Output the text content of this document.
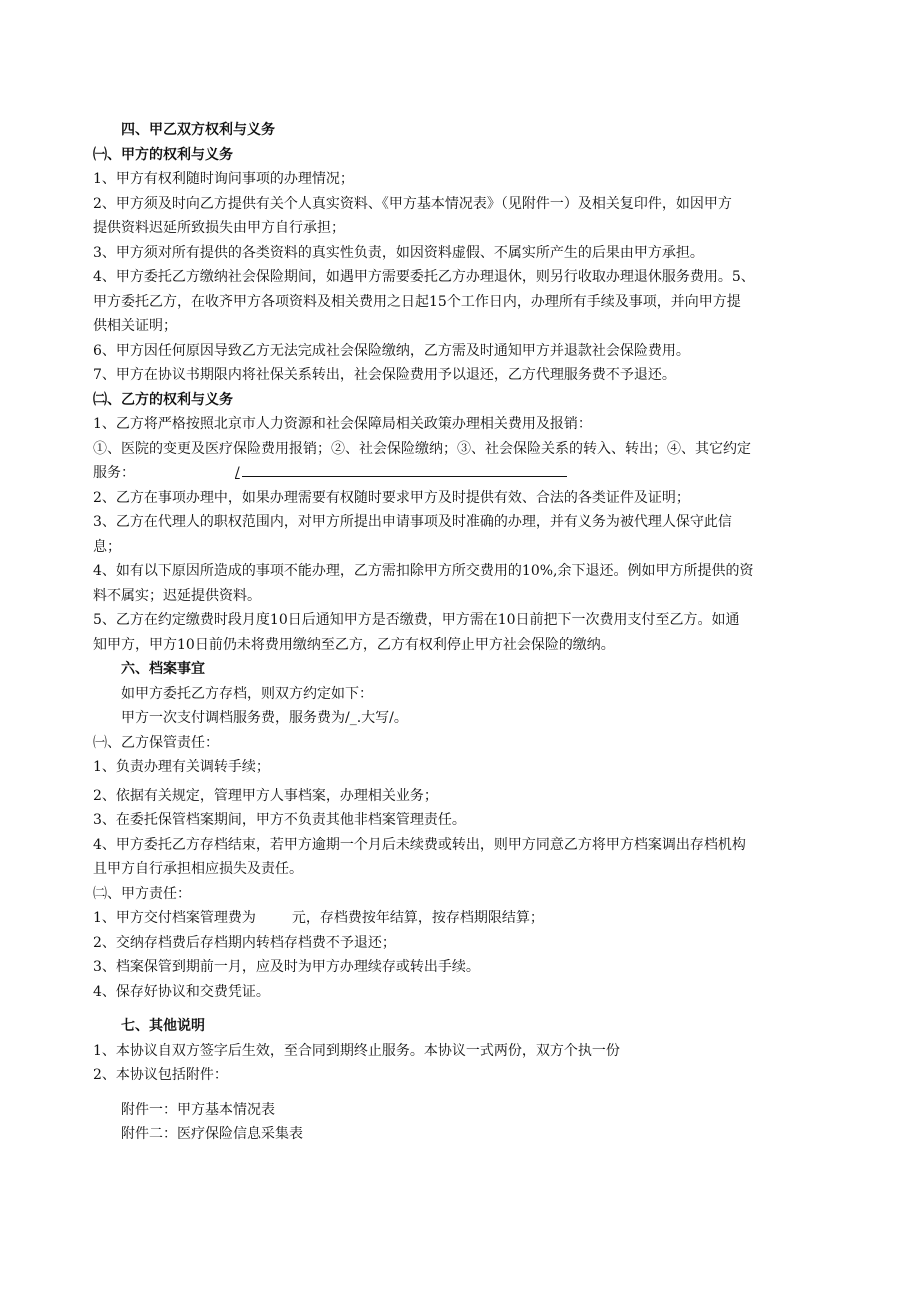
四、甲乙双方权利与义务
㈠、甲方的权利与义务
1、甲方有权利随时询问事项的办理情况；
2、甲方须及时向乙方提供有关个人真实资料、《甲方基本情况表》（见附件一）及相关复印件，如因甲方
提供资料迟延所致损失由甲方自行承担；
3、甲方须对所有提供的各类资料的真实性负责，如因资料虚假、不属实所产生的后果由甲方承担。
4、甲方委托乙方缴纳社会保险期间，如遇甲方需要委托乙方办理退休，则另行收取办理退休服务费用。5、
甲方委托乙方，在收齐甲方各项资料及相关费用之日起15个工作日内，办理所有手续及事项，并向甲方提
供相关证明；
6、甲方因任何原因导致乙方无法完成社会保险缴纳，乙方需及时通知甲方并退款社会保险费用。
7、甲方在协议书期限内将社保关系转出，社会保险费用予以退还，乙方代理服务费不予退还。
㈡、乙方的权利与义务
1、乙方将严格按照北京市人力资源和社会保障局相关政策办理相关费用及报销：
①、医院的变更及医疗保险费用报销；②、社会保险缴纳；③、社会保险关系的转入、转出；④、其它约定
服务：	/
2、乙方在事项办理中，如果办理需要有权随时要求甲方及时提供有效、合法的各类证件及证明；
3、乙方在代理人的职权范围内，对甲方所提出申请事项及时准确的办理，并有义务为被代理人保守此信
息；
4、如有以下原因所造成的事项不能办理，乙方需扣除甲方所交费用的10%,余下退还。例如甲方所提供的资
料不属实；迟延提供资料。
5、乙方在约定缴费时段月度10日后通知甲方是否缴费，甲方需在10日前把下一次费用支付至乙方。如通
知甲方，甲方10日前仍未将费用缴纳至乙方，乙方有权利停止甲方社会保险的缴纳。
六、档案事宜
如甲方委托乙方存档，则双方约定如下：
甲方一次支付调档服务费，服务费为/_.大写/。
㈠、乙方保管责任：
1、负责办理有关调转手续；
2、依据有关规定，管理甲方人事档案，办理相关业务；
3、在委托保管档案期间，甲方不负责其他非档案管理责任。
4、甲方委托乙方存档结束，若甲方逾期一个月后未续费或转出，则甲方同意乙方将甲方档案调出存档机构
且甲方自行承担相应损失及责任。
㈡、甲方责任：
1、甲方交付档案管理费为	元，存档费按年结算，按存档期限结算；
2、交纳存档费后存档期内转档存档费不予退还；
3、档案保管到期前一月，应及时为甲方办理续存或转出手续。
4、保存好协议和交费凭证。
七、其他说明
1、本协议自双方签字后生效，至合同到期终止服务。本协议一式两份，双方个执一份
2、本协议包括附件：
附件一：甲方基本情况表
附件二：医疗保险信息采集表
